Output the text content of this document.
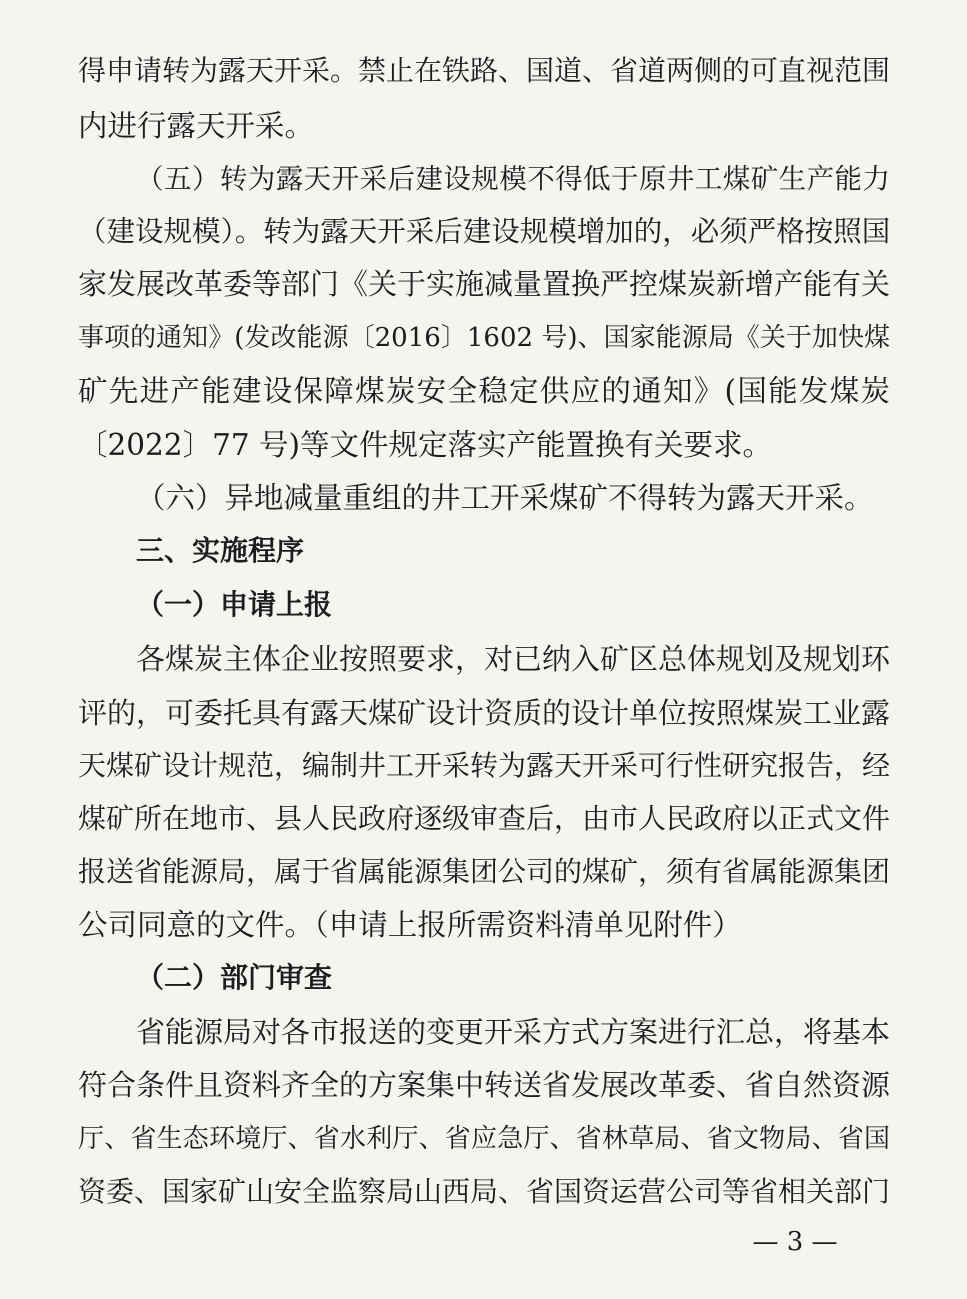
得申请转为露天开采。禁止在铁路、国道、省道两侧的可直视范围
内进行露天开采。
（五）转为露天开采后建设规模不得低于原井工煤矿生产能力
（建设规模）。转为露天开采后建设规模增加的，必须严格按照国
家发展改革委等部门《关于实施减量置换严控煤炭新增产能有关
事项的通知》(发改能源〔2016〕1602 号)、国家能源局《关于加快煤
矿先进产能建设保障煤炭安全稳定供应的通知》(国能发煤炭
〔2022〕77 号)等文件规定落实产能置换有关要求。
（六）异地减量重组的井工开采煤矿不得转为露天开采。
三、实施程序
（一）申请上报
各煤炭主体企业按照要求，对已纳入矿区总体规划及规划环
评的，可委托具有露天煤矿设计资质的设计单位按照煤炭工业露
天煤矿设计规范，编制井工开采转为露天开采可行性研究报告，经
煤矿所在地市、县人民政府逐级审查后，由市人民政府以正式文件
报送省能源局，属于省属能源集团公司的煤矿，须有省属能源集团
公司同意的文件。（申请上报所需资料清单见附件）
（二）部门审查
省能源局对各市报送的变更开采方式方案进行汇总，将基本
符合条件且资料齐全的方案集中转送省发展改革委、省自然资源
厅、省生态环境厅、省水利厅、省应急厅、省林草局、省文物局、省国
资委、国家矿山安全监察局山西局、省国资运营公司等省相关部门
— 3 —
